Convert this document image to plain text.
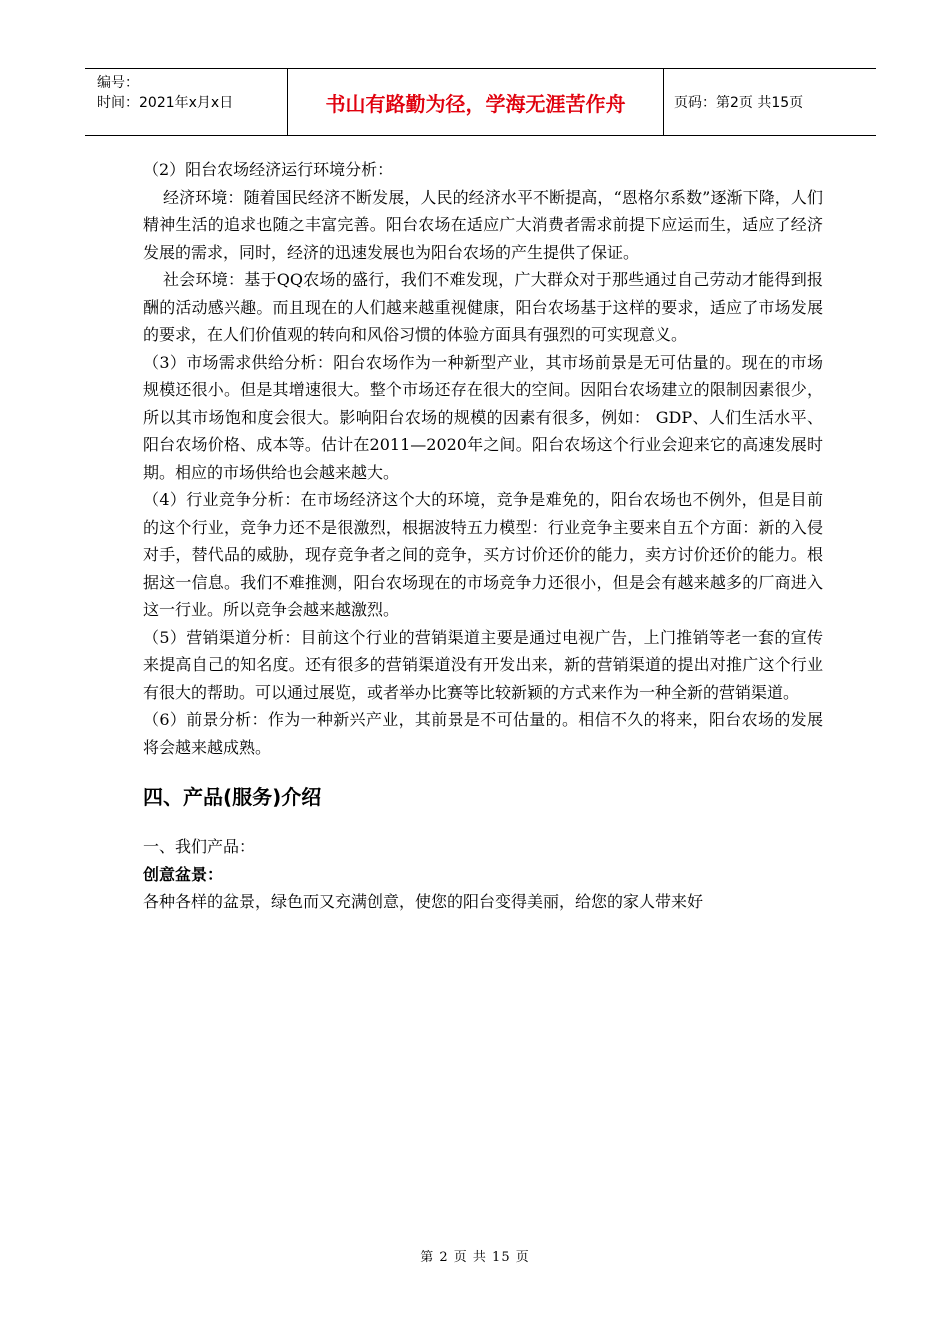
编号：
时间：2021年x月x日	书山有路勤为径，学海无涯苦作舟	页码：第2页 共15页

（2）阳台农场经济运行环境分析：

经济环境：随着国民经济不断发展，人民的经济水平不断提高，“恩格尔系数”逐渐下降，人们精神生活的追求也随之丰富完善。阳台农场在适应广大消费者需求前提下应运而生，适应了经济发展的需求，同时，经济的迅速发展也为阳台农场的产生提供了保证。

社会环境：基于QQ农场的盛行，我们不难发现，广大群众对于那些通过自己劳动才能得到报酬的活动感兴趣。而且现在的人们越来越重视健康，阳台农场基于这样的要求，适应了市场发展的要求，在人们价值观的转向和风俗习惯的体验方面具有强烈的可实现意义。

（3）市场需求供给分析：阳台农场作为一种新型产业，其市场前景是无可估量的。现在的市场规模还很小。但是其增速很大。整个市场还存在很大的空间。因阳台农场建立的限制因素很少，所以其市场饱和度会很大。影响阳台农场的规模的因素有很多，例如： GDP、人们生活水平、阳台农场价格、成本等。估计在2011—2020年之间。阳台农场这个行业会迎来它的高速发展时期。相应的市场供给也会越来越大。

（4）行业竞争分析：在市场经济这个大的环境，竞争是难免的，阳台农场也不例外，但是目前的这个行业，竞争力还不是很激烈，根据波特五力模型：行业竞争主要来自五个方面：新的入侵对手，替代品的威胁，现存竞争者之间的竞争，买方讨价还价的能力，卖方讨价还价的能力。根据这一信息。我们不难推测，阳台农场现在的市场竞争力还很小，但是会有越来越多的厂商进入这一行业。所以竞争会越来越激烈。

（5）营销渠道分析：目前这个行业的营销渠道主要是通过电视广告，上门推销等老一套的宣传来提高自己的知名度。还有很多的营销渠道没有开发出来，新的营销渠道的提出对推广这个行业有很大的帮助。可以通过展览，或者举办比赛等比较新颖的方式来作为一种全新的营销渠道。

（6）前景分析：作为一种新兴产业，其前景是不可估量的。相信不久的将来，阳台农场的发展将会越来越成熟。

四、产品(服务)介绍

一、我们产品：

创意盆景：

各种各样的盆景，绿色而又充满创意，使您的阳台变得美丽，给您的家人带来好

第 2 页 共 15 页
